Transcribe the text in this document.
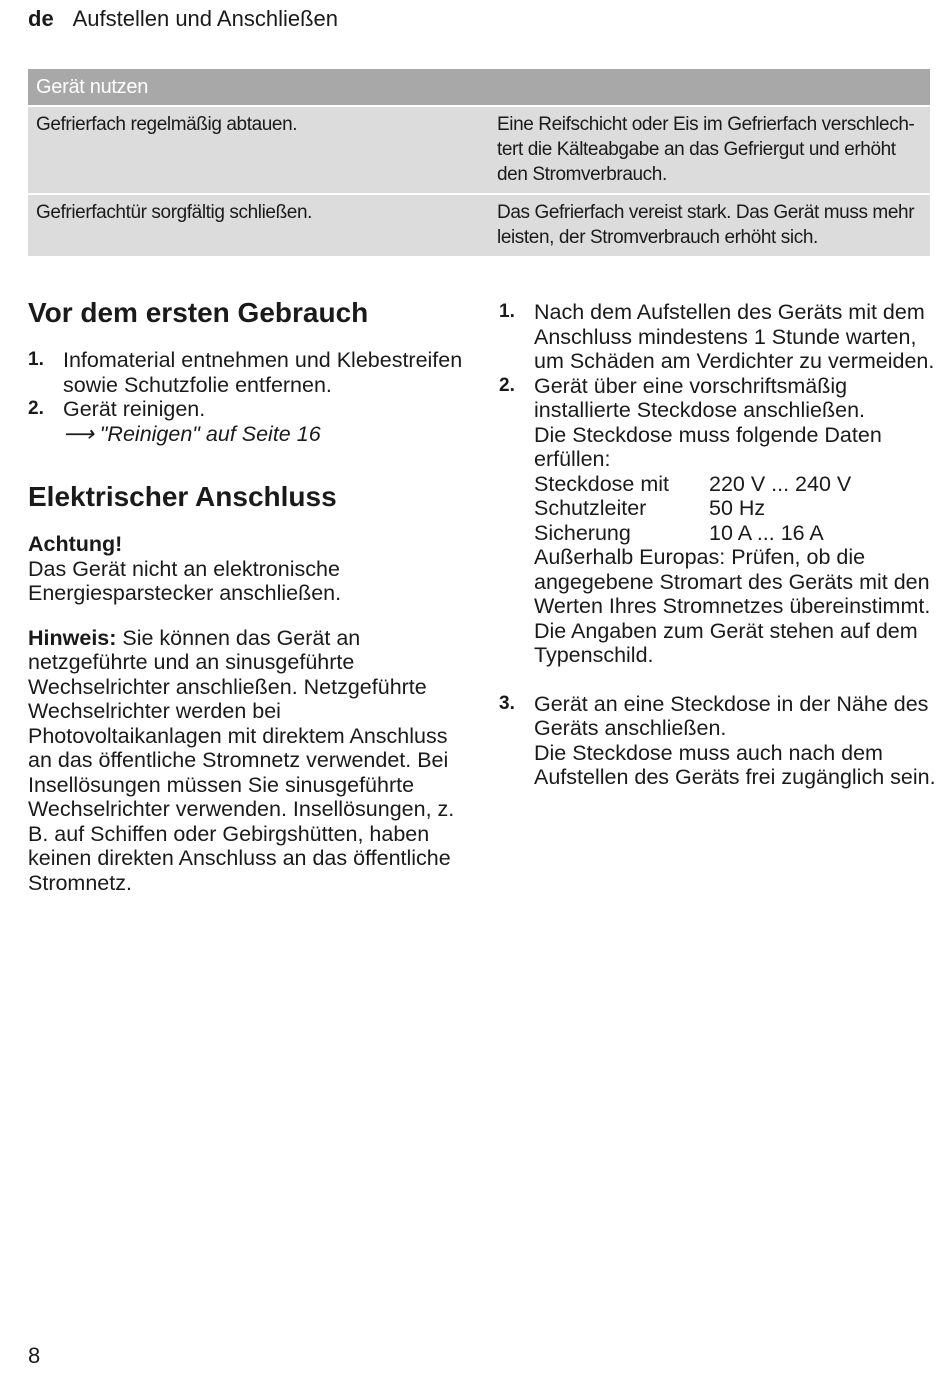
de Aufstellen und Anschließen
Gerät nutzen	
Gefrierfach regelmäßig abtauen.	Eine Reifschicht oder Eis im Gefrierfach verschlech-tert die Kälteabgabe an das Gefriergut und erhöht den Stromverbrauch.
Gefrierfachtür sorgfältig schließen.	Das Gefrierfach vereist stark. Das Gerät muss mehr leisten, der Stromverbrauch erhöht sich.
Vor dem ersten Gebrauch
1. Infomaterial entnehmen und Klebestreifen sowie Schutzfolie entfernen.
2. Gerät reinigen.
⟶ "Reinigen" auf Seite 16
Elektrischer Anschluss
Achtung!
Das Gerät nicht an elektronische Energiesparstecker anschließen.
Hinweis: Sie können das Gerät an netzgeführte und an sinusgeführte Wechselrichter anschließen. Netzgeführte Wechselrichter werden bei Photovoltaikanlagen mit direktem Anschluss an das öffentliche Stromnetz verwendet. Bei Insellösungen müssen Sie sinusgeführte Wechselrichter verwenden. Insellösungen, z. B. auf Schiffen oder Gebirgshütten, haben keinen direkten Anschluss an das öffentliche Stromnetz.
1. Nach dem Aufstellen des Geräts mit dem Anschluss mindestens 1 Stunde warten, um Schäden am Verdichter zu vermeiden.
2. Gerät über eine vorschriftsmäßig installierte Steckdose anschließen.
Die Steckdose muss folgende Daten erfüllen:
Steckdose mit	220 V ... 240 V
Schutzleiter	50 Hz
Sicherung	10 A ... 16 A
Außerhalb Europas: Prüfen, ob die angegebene Stromart des Geräts mit den Werten Ihres Stromnetzes übereinstimmt. Die Angaben zum Gerät stehen auf dem Typenschild.
3. Gerät an eine Steckdose in der Nähe des Geräts anschließen.
Die Steckdose muss auch nach dem Aufstellen des Geräts frei zugänglich sein.
8
